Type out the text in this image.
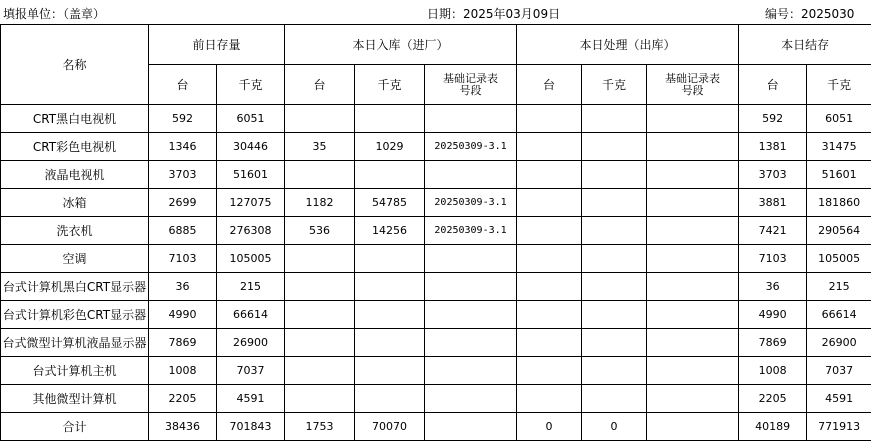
填报单位：（盖章）	日期：2025年03月09日	编号：2025030
名称	前日存量		本日入库（进厂）			本日处理（出库）			本日结存	
	台	千克	台	千克	基础记录表号段	台	千克	基础记录表号段	台	千克
CRT黑白电视机	592	6051							592	6051
CRT彩色电视机	1346	30446	35	1029	20250309-3.1				1381	31475
液晶电视机	3703	51601							3703	51601
冰箱	2699	127075	1182	54785	20250309-3.1				3881	181860
洗衣机	6885	276308	536	14256	20250309-3.1				7421	290564
空调	7103	105005							7103	105005
台式计算机黑白CRT显示器	36	215							36	215
台式计算机彩色CRT显示器	4990	66614							4990	66614
台式微型计算机液晶显示器	7869	26900							7869	26900
台式计算机主机	1008	7037							1008	7037
其他微型计算机	2205	4591							2205	4591
合计	38436	701843	1753	70070		0	0		40189	771913
